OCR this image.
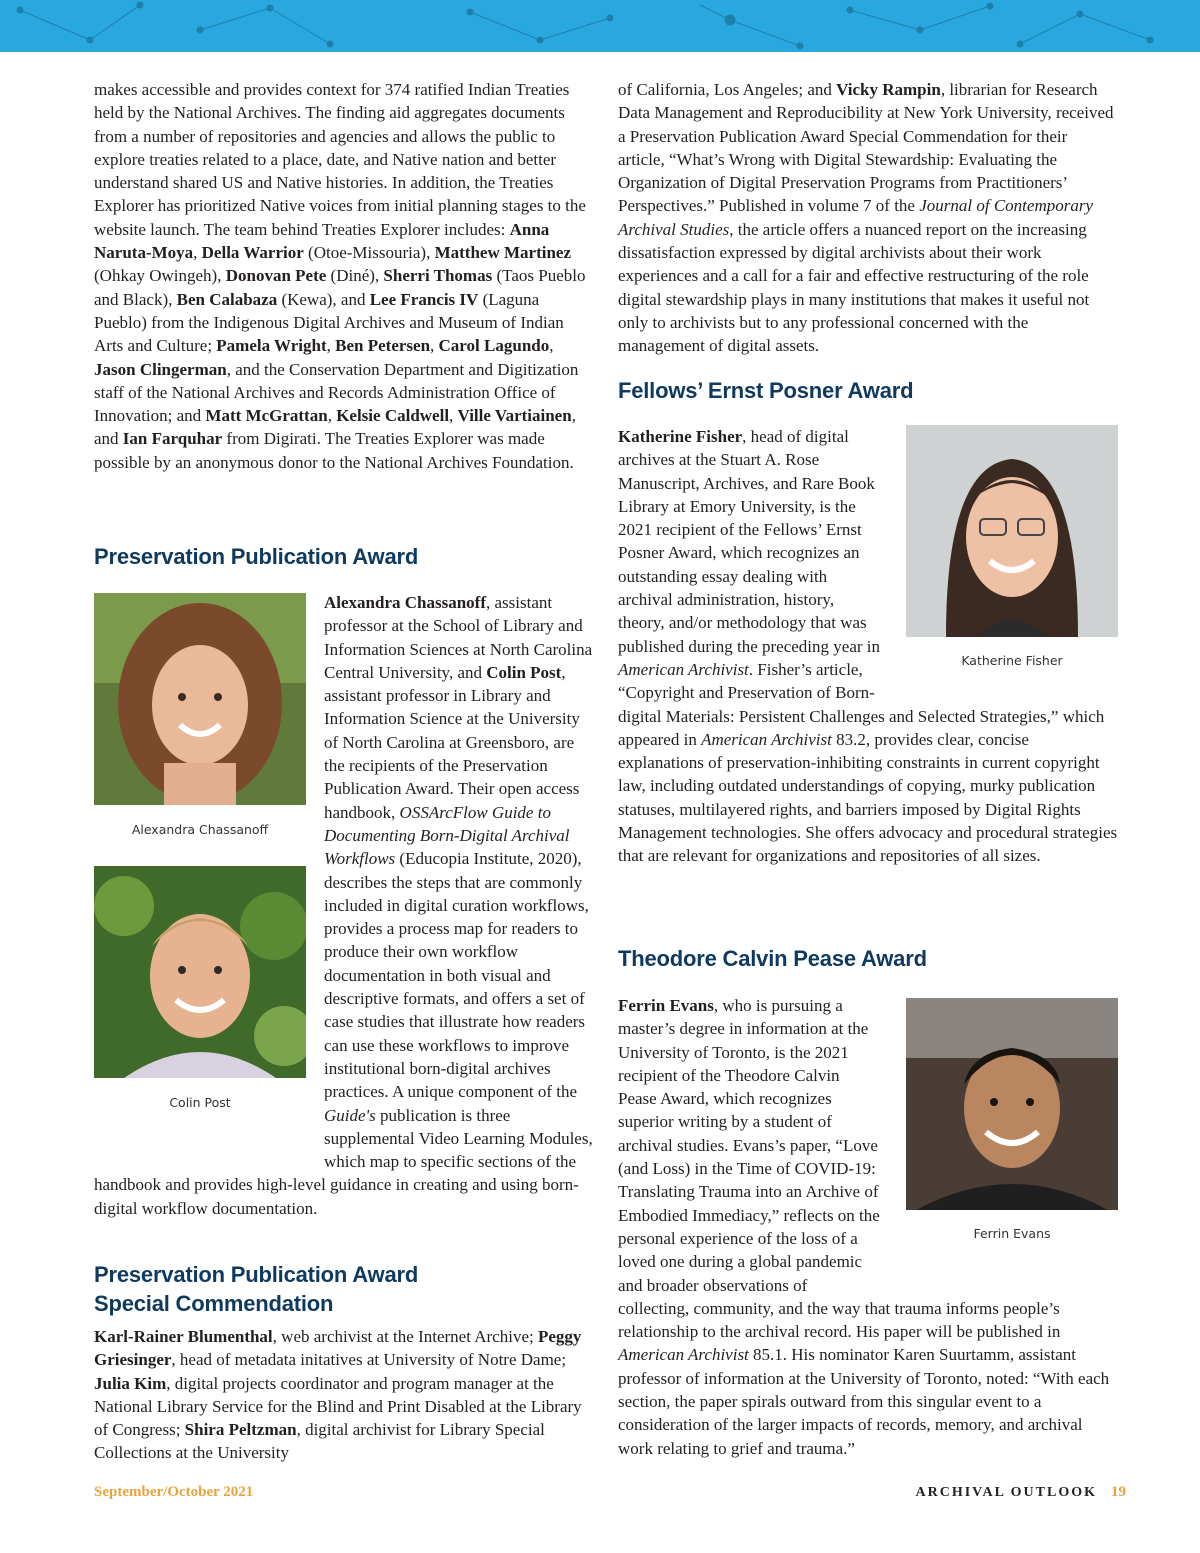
makes accessible and provides context for 374 ratified Indian Treaties held by the National Archives. The finding aid aggregates documents from a number of repositories and agencies and allows the public to explore treaties related to a place, date, and Native nation and better understand shared US and Native histories. In addition, the Treaties Explorer has prioritized Native voices from initial planning stages to the website launch. The team behind Treaties Explorer includes: Anna Naruta-Moya, Della Warrior (Otoe-Missouria), Matthew Martinez (Ohkay Owingeh), Donovan Pete (Diné), Sherri Thomas (Taos Pueblo and Black), Ben Calabaza (Kewa), and Lee Francis IV (Laguna Pueblo) from the Indigenous Digital Archives and Museum of Indian Arts and Culture; Pamela Wright, Ben Petersen, Carol Lagundo, Jason Clingerman, and the Conservation Department and Digitization staff of the National Archives and Records Administration Office of Innovation; and Matt McGrattan, Kelsie Caldwell, Ville Vartiainen, and Ian Farquhar from Digirati. The Treaties Explorer was made possible by an anonymous donor to the National Archives Foundation.

Preservation Publication Award
Alexandra Chassanoff
Colin Post

Alexandra Chassanoff, assistant professor at the School of Library and Information Sciences at North Carolina Central University, and Colin Post, assistant professor in Library and Information Science at the University of North Carolina at Greensboro, are the recipients of the Preservation Publication Award. Their open access handbook, OSSArcFlow Guide to Documenting Born-Digital Archival Workflows (Educopia Institute, 2020), describes the steps that are commonly included in digital curation workflows, provides a process map for readers to produce their own workflow documentation in both visual and descriptive formats, and offers a set of case studies that illustrate how readers can use these workflows to improve institutional born-digital archives practices. A unique component of the Guide's publication is three supplemental Video Learning Modules, which map to specific sections of the handbook and provides high-level guidance in creating and using born-digital workflow documentation.

Preservation Publication Award
Special Commendation

Karl-Rainer Blumenthal, web archivist at the Internet Archive; Peggy Griesinger, head of metadata initatives at University of Notre Dame; Julia Kim, digital projects coordinator and program manager at the National Library Service for the Blind and Print Disabled at the Library of Congress; Shira Peltzman, digital archivist for Library Special Collections at the University

of California, Los Angeles; and Vicky Rampin, librarian for Research Data Management and Reproducibility at New York University, received a Preservation Publication Award Special Commendation for their article, “What’s Wrong with Digital Stewardship: Evaluating the Organization of Digital Preservation Programs from Practitioners’ Perspectives.” Published in volume 7 of the Journal of Contemporary Archival Studies, the article offers a nuanced report on the increasing dissatisfaction expressed by digital archivists about their work experiences and a call for a fair and effective restructuring of the role digital stewardship plays in many institutions that makes it useful not only to archivists but to any professional concerned with the management of digital assets.

Fellows’ Ernst Posner Award
Katherine Fisher

Katherine Fisher, head of digital archives at the Stuart A. Rose Manuscript, Archives, and Rare Book Library at Emory University, is the 2021 recipient of the Fellows’ Ernst Posner Award, which recognizes an outstanding essay dealing with archival administration, history, theory, and/or methodology that was published during the preceding year in American Archivist. Fisher’s article, “Copyright and Preservation of Born-digital Materials: Persistent Challenges and Selected Strategies,” which appeared in American Archivist 83.2, provides clear, concise explanations of preservation-inhibiting constraints in current copyright law, including outdated understandings of copying, murky publication statuses, multilayered rights, and barriers imposed by Digital Rights Management technologies. She offers advocacy and procedural strategies that are relevant for organizations and repositories of all sizes.

Theodore Calvin Pease Award
Ferrin Evans

Ferrin Evans, who is pursuing a master’s degree in information at the University of Toronto, is the 2021 recipient of the Theodore Calvin Pease Award, which recognizes superior writing by a student of archival studies. Evans’s paper, “Love (and Loss) in the Time of COVID-19: Translating Trauma into an Archive of Embodied Immediacy,” reflects on the personal experience of the loss of a loved one during a global pandemic and broader observations of collecting, community, and the way that trauma informs people’s relationship to the archival record. His paper will be published in American Archivist 85.1. His nominator Karen Suurtamm, assistant professor of information at the University of Toronto, noted: “With each section, the paper spirals outward from this singular event to a consideration of the larger impacts of records, memory, and archival work relating to grief and trauma.”

September/October 2021	ARCHIVAL OUTLOOK 19
